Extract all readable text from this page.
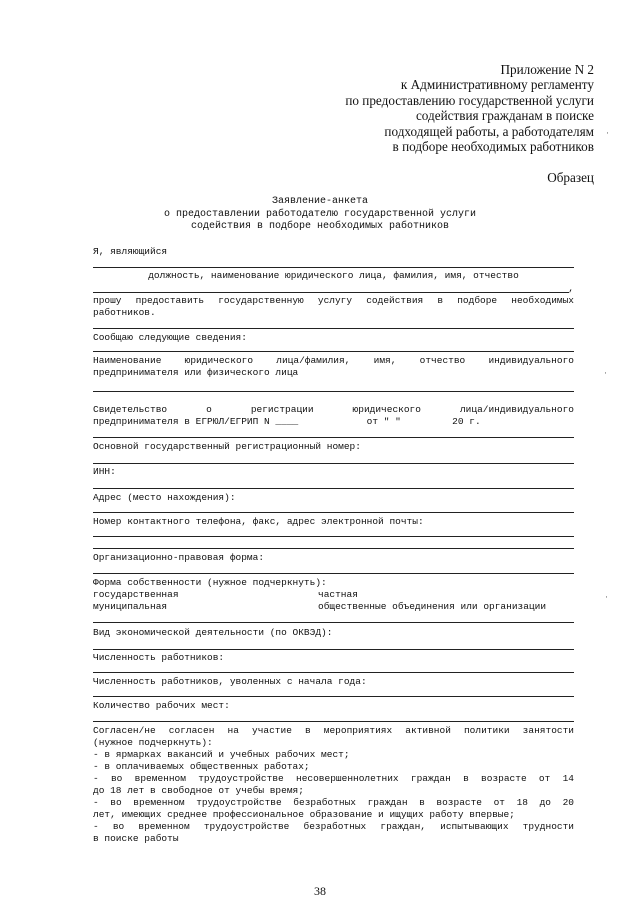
Приложение N 2
к Административному регламенту
по предоставлению государственной услуги
содействия гражданам в поиске
подходящей работы, а работодателям
в подборе необходимых работников
Образец
Заявление-анкета
о предоставлении работодателю государственной услуги
содействия в подборе необходимых работников
Я, являющийся
должность, наименование юридического лица, фамилия, имя, отчество
,
прошу предоставить государственную услугу содействия в подборе необходимых
работников.
Сообщаю следующие сведения:
Наименование юридического лица/фамилия, имя, отчество индивидуального
предпринимателя или физического лица
Свидетельство о регистрации юридического лица/индивидуального
предпринимателя в ЕГРЮЛ/ЕГРИП N ____            от " "         20 г.
Основной государственный регистрационный номер:
ИНН:
Адрес (место нахождения):
Номер контактного телефона, факс, адрес электронной почты:
Организационно-правовая форма:
Форма собственности (нужное подчеркнуть):
государственная	частная
муниципальная	общественные объединения или организации
Вид экономической деятельности (по ОКВЭД):
Численность работников:
Численность работников, уволенных с начала года:
Количество рабочих мест:
Согласен/не согласен на участие в мероприятиях активной политики занятости
(нужное подчеркнуть):
- в ярмарках вакансий и учебных рабочих мест;
- в оплачиваемых общественных работах;
- во временном трудоустройстве несовершеннолетних граждан в возрасте от 14
до 18 лет в свободное от учебы время;
- во временном трудоустройстве безработных граждан в возрасте от 18 до 20
лет, имеющих среднее профессиональное образование и ищущих работу впервые;
- во временном трудоустройстве безработных граждан, испытывающих трудности
в поиске работы
38
·
·
·
